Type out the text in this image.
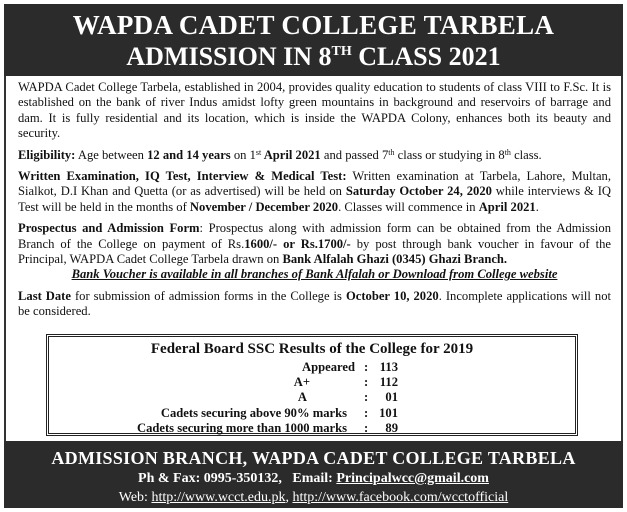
WAPDA CADET COLLEGE TARBELA
ADMISSION IN 8TH CLASS 2021

WAPDA Cadet College Tarbela, established in 2004, provides quality education to students of class VIII to F.Sc. It is established on the bank of river Indus amidst lofty green mountains in background and reservoirs of barrage and dam. It is fully residential and its location, which is inside the WAPDA Colony, enhances both its beauty and security.

Eligibility: Age between 12 and 14 years on 1st April 2021 and passed 7th class or studying in 8th class.

Written Examination, IQ Test, Interview & Medical Test: Written examination at Tarbela, Lahore, Multan, Sialkot, D.I Khan and Quetta (or as advertised) will be held on Saturday October 24, 2020 while interviews & IQ Test will be held in the months of November / December 2020. Classes will commence in April 2021.

Prospectus and Admission Form: Prospectus along with admission form can be obtained from the Admission Branch of the College on payment of Rs.1600/- or Rs.1700/- by post through bank voucher in favour of the Principal, WAPDA Cadet College Tarbela drawn on Bank Alfalah Ghazi (0345) Ghazi Branch.

Bank Voucher is available in all branches of Bank Alfalah or Download from College website

Last Date for submission of admission forms in the College is October 10, 2020. Incomplete applications will not be considered.

Federal Board SSC Results of the College for 2019
Appeared : 113
A+	: 112
A	:	01
Cadets securing above 90% marks : 101
Cadets securing more than 1000 marks :	89
ADMISSION BRANCH, WAPDA CADET COLLEGE TARBELA
Ph & Fax: 0995-350132, Email: Principalwcc@gmail.com
Web: http://www.wcct.edu.pk, http://www.facebook.com/wcctofficial
